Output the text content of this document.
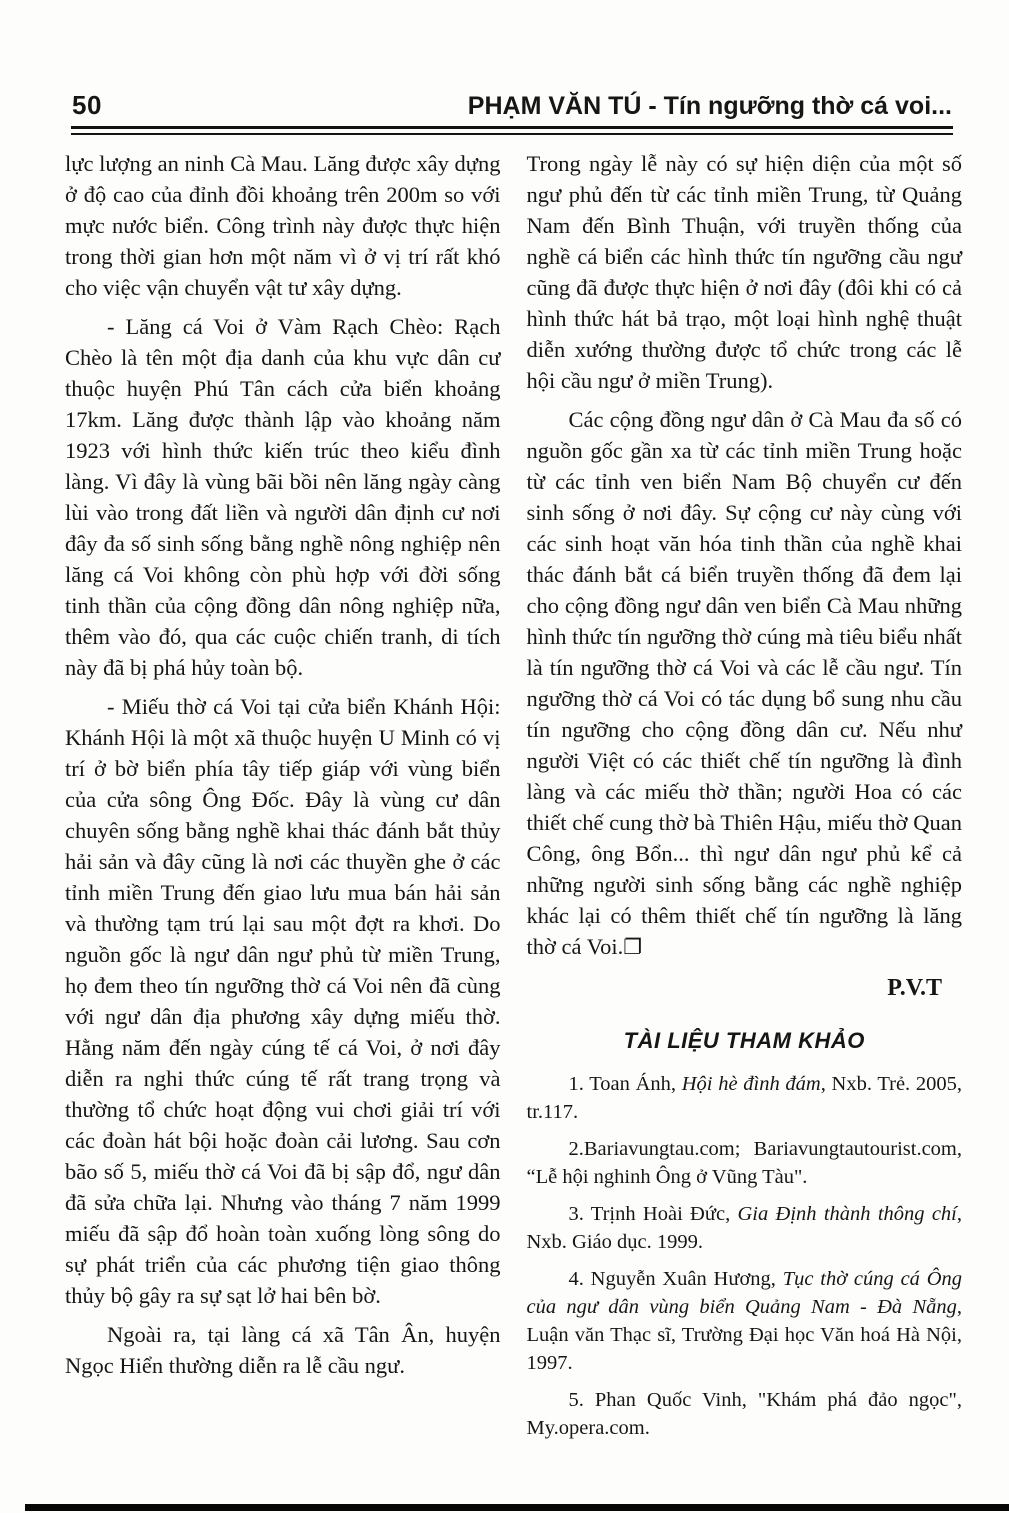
50	PHẠM VĂN TÚ - Tín ngưỡng thờ cá voi...

lực lượng an ninh Cà Mau. Lăng được xây dựng ở độ cao của đỉnh đồi khoảng trên 200m so với mực nước biển. Công trình này được thực hiện trong thời gian hơn một năm vì ở vị trí rất khó cho việc vận chuyển vật tư xây dựng.

- Lăng cá Voi ở Vàm Rạch Chèo: Rạch Chèo là tên một địa danh của khu vực dân cư thuộc huyện Phú Tân cách cửa biển khoảng 17km. Lăng được thành lập vào khoảng năm 1923 với hình thức kiến trúc theo kiểu đình làng. Vì đây là vùng bãi bồi nên lăng ngày càng lùi vào trong đất liền và người dân định cư nơi đây đa số sinh sống bằng nghề nông nghiệp nên lăng cá Voi không còn phù hợp với đời sống tinh thần của cộng đồng dân nông nghiệp nữa, thêm vào đó, qua các cuộc chiến tranh, di tích này đã bị phá hủy toàn bộ.

- Miếu thờ cá Voi tại cửa biển Khánh Hội: Khánh Hội là một xã thuộc huyện U Minh có vị trí ở bờ biển phía tây tiếp giáp với vùng biển của cửa sông Ông Đốc. Đây là vùng cư dân chuyên sống bằng nghề khai thác đánh bắt thủy hải sản và đây cũng là nơi các thuyền ghe ở các tỉnh miền Trung đến giao lưu mua bán hải sản và thường tạm trú lại sau một đợt ra khơi. Do nguồn gốc là ngư dân ngư phủ từ miền Trung, họ đem theo tín ngưỡng thờ cá Voi nên đã cùng với ngư dân địa phương xây dựng miếu thờ. Hằng năm đến ngày cúng tế cá Voi, ở nơi đây diễn ra nghi thức cúng tế rất trang trọng và thường tổ chức hoạt động vui chơi giải trí với các đoàn hát bội hoặc đoàn cải lương. Sau cơn bão số 5, miếu thờ cá Voi đã bị sập đổ, ngư dân đã sửa chữa lại. Nhưng vào tháng 7 năm 1999 miếu đã sập đổ hoàn toàn xuống lòng sông do sự phát triển của các phương tiện giao thông thủy bộ gây ra sự sạt lở hai bên bờ.

Ngoài ra, tại làng cá xã Tân Ân, huyện Ngọc Hiển thường diễn ra lễ cầu ngư.

Trong ngày lễ này có sự hiện diện của một số ngư phủ đến từ các tỉnh miền Trung, từ Quảng Nam đến Bình Thuận, với truyền thống của nghề cá biển các hình thức tín ngưỡng cầu ngư cũng đã được thực hiện ở nơi đây (đôi khi có cả hình thức hát bả trạo, một loại hình nghệ thuật diễn xướng thường được tổ chức trong các lễ hội cầu ngư ở miền Trung).

Các cộng đồng ngư dân ở Cà Mau đa số có nguồn gốc gần xa từ các tỉnh miền Trung hoặc từ các tỉnh ven biển Nam Bộ chuyển cư đến sinh sống ở nơi đây. Sự cộng cư này cùng với các sinh hoạt văn hóa tinh thần của nghề khai thác đánh bắt cá biển truyền thống đã đem lại cho cộng đồng ngư dân ven biển Cà Mau những hình thức tín ngưỡng thờ cúng mà tiêu biểu nhất là tín ngưỡng thờ cá Voi và các lễ cầu ngư. Tín ngưỡng thờ cá Voi có tác dụng bổ sung nhu cầu tín ngưỡng cho cộng đồng dân cư. Nếu như người Việt có các thiết chế tín ngưỡng là đình làng và các miếu thờ thần; người Hoa có các thiết chế cung thờ bà Thiên Hậu, miếu thờ Quan Công, ông Bổn... thì ngư dân ngư phủ kể cả những người sinh sống bằng các nghề nghiệp khác lại có thêm thiết chế tín ngưỡng là lăng thờ cá Voi.❐

P.V.T

TÀI LIỆU THAM KHẢO

1. Toan Ánh, Hội hè đình đám, Nxb. Trẻ. 2005, tr.117.

2.Bariavungtau.com; Bariavungtautourist.com, “Lễ hội nghinh Ông ở Vũng Tàu".

3. Trịnh Hoài Đức, Gia Định thành thông chí, Nxb. Giáo dục. 1999.

4. Nguyễn Xuân Hương, Tục thờ cúng cá Ông của ngư dân vùng biển Quảng Nam - Đà Nẵng, Luận văn Thạc sĩ, Trường Đại học Văn hoá Hà Nội, 1997.

5. Phan Quốc Vinh, "Khám phá đảo ngọc", My.opera.com.
